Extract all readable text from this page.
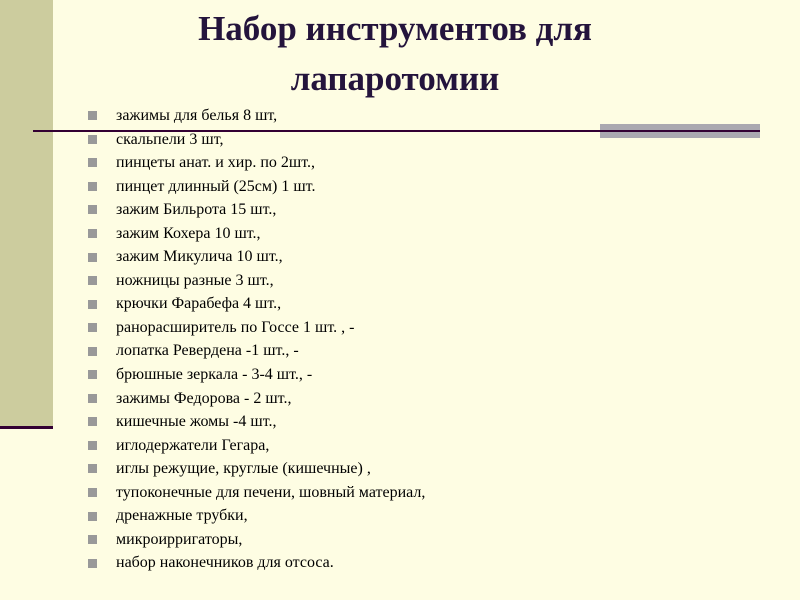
Набор инструментов для
лапаротомии
зажимы для белья 8 шт,
скальпели 3 шт,
пинцеты анат. и хир. по 2шт.,
пинцет длинный (25см) 1 шт.
зажим Бильрота 15 шт.,
зажим Кохера 10 шт.,
зажим Микулича 10 шт.,
ножницы разные 3 шт.,
крючки Фарабефа 4 шт.,
ранорасширитель по Госсе 1 шт. , -
лопатка Ревердена -1 шт., -
брюшные зеркала - 3-4 шт., -
зажимы Федорова - 2 шт.,
кишечные жомы -4 шт.,
иглодержатели Гегара,
иглы режущие, круглые (кишечные) ,
тупоконечные для печени, шовный материал,
дренажные трубки,
микроирригаторы,
набор наконечников для отсоса.
